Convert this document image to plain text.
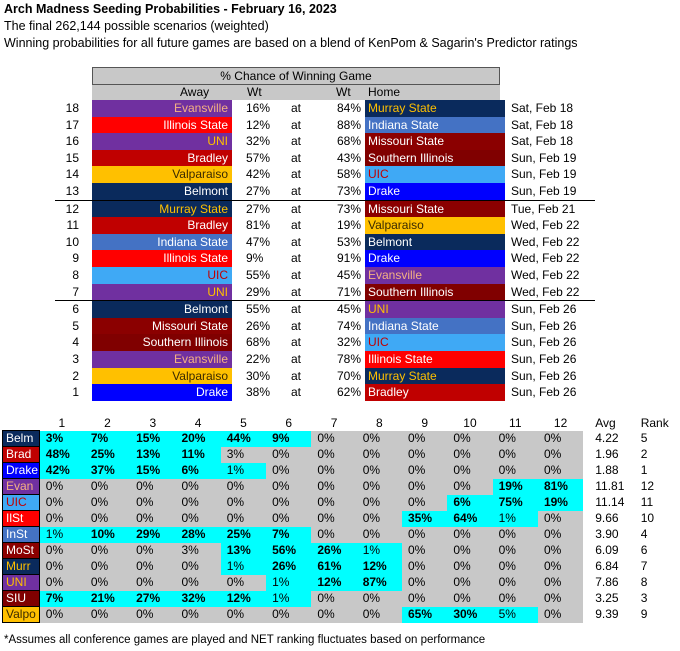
Arch Madness Seeding Probabilities - February 16, 2023
The final 262,144 possible scenarios (weighted)
Winning probabilities for all future games are based on a blend of KenPom & Sagarin's Predictor ratings
% Chance of Winning Game
Away	Wt	Wt Home
18	Evansville	16% at	84% Murray State	Sat, Feb 18
17	Illinois State	12% at	88% Indiana State	Sat, Feb 18
16	UNI	32% at	68% Missouri State	Sat, Feb 18
15	Bradley	57% at	43% Southern Illinois	Sun, Feb 19
14	Valparaiso	42% at	58% UIC	Sun, Feb 19
13	Belmont	27% at	73% Drake	Sun, Feb 19
12	Murray State	27% at	73% Missouri State	Tue, Feb 21
11	Bradley	81% at	19% Valparaiso	Wed, Feb 22
10	Indiana State	47% at	53% Belmont	Wed, Feb 22
9	Illinois State	9% at	91% Drake	Wed, Feb 22
8	UIC	55% at	45% Evansville	Wed, Feb 22
7	UNI	29% at	71% Southern Illinois	Wed, Feb 22
6	Belmont	55% at	45% UNI	Sun, Feb 26
5	Missouri State	26% at	74% Indiana State	Sun, Feb 26
4	Southern Illinois	68% at	32% UIC	Sun, Feb 26
3	Evansville	22% at	78% Illinois State	Sun, Feb 26
2	Valparaiso	30% at	70% Murray State	Sun, Feb 26
1	Drake	38% at	62% Bradley	Sun, Feb 26
	1	2	3	4	5	6	7	8	9	10	11	12	Avg	Rank
Belm	3%	7%	15%	20%	44%	9%	0%	0%	0%	0%	0%	0%	4.22	5
Brad	48%	25%	13%	11%	3%	0%	0%	0%	0%	0%	0%	0%	1.96	2
Drake	42%	37%	15%	6%	1%	0%	0%	0%	0%	0%	0%	0%	1.88	1
Evan	0%	0%	0%	0%	0%	0%	0%	0%	0%	0%	19%	81%	11.81	12
UIC	0%	0%	0%	0%	0%	0%	0%	0%	0%	6%	75%	19%	11.14	11
IlSt	0%	0%	0%	0%	0%	0%	0%	0%	35%	64%	1%	0%	9.66	10
InSt	1%	10%	29%	28%	25%	7%	0%	0%	0%	0%	0%	0%	3.90	4
MoSt	0%	0%	0%	3%	13%	56%	26%	1%	0%	0%	0%	0%	6.09	6
Murr	0%	0%	0%	0%	1%	26%	61%	12%	0%	0%	0%	0%	6.84	7
UNI	0%	0%	0%	0%	0%	1%	12%	87%	0%	0%	0%	0%	7.86	8
SIU	7%	21%	27%	32%	12%	1%	0%	0%	0%	0%	0%	0%	3.25	3
Valpo	0%	0%	0%	0%	0%	0%	0%	0%	65%	30%	5%	0%	9.39	9
*Assumes all conference games are played and NET ranking fluctuates based on performance
